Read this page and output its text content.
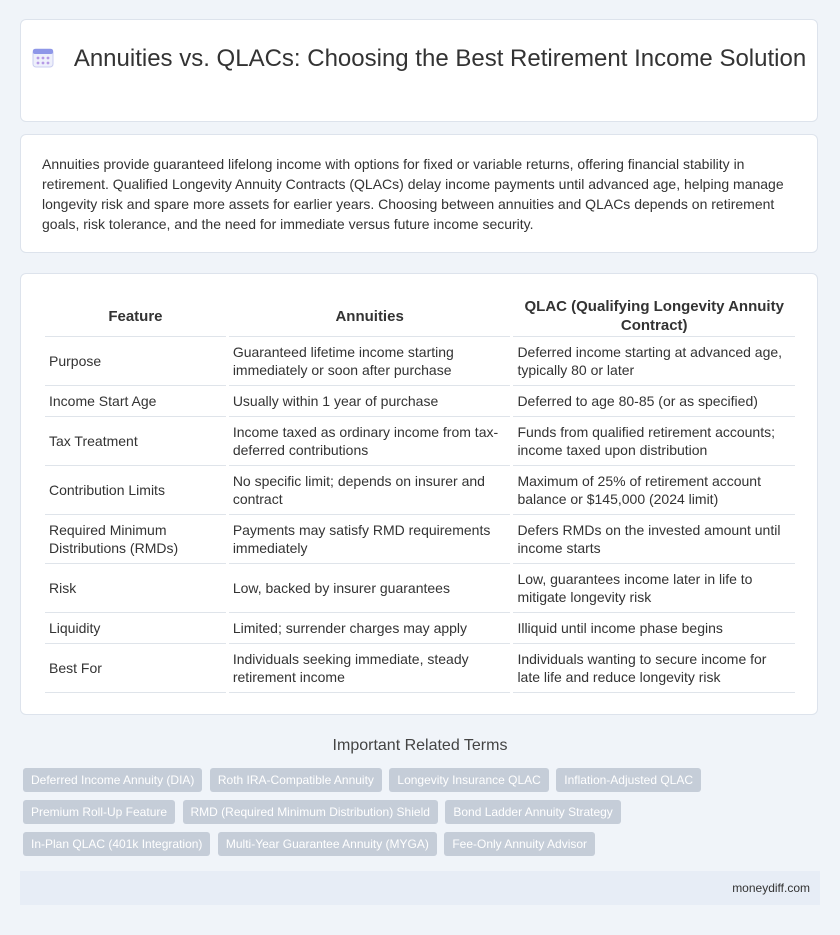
Annuities vs. QLACs: Choosing the Best Retirement Income Solution
Annuities provide guaranteed lifelong income with options for fixed or variable returns, offering financial stability in retirement. Qualified Longevity Annuity Contracts (QLACs) delay income payments until advanced age, helping manage longevity risk and spare more assets for earlier years. Choosing between annuities and QLACs depends on retirement goals, risk tolerance, and the need for immediate versus future income security.
Feature	Annuities	QLAC (Qualifying Longevity Annuity Contract)
Purpose	Guaranteed lifetime income starting immediately or soon after purchase	Deferred income starting at advanced age, typically 80 or later
Income Start Age	Usually within 1 year of purchase	Deferred to age 80-85 (or as specified)
Tax Treatment	Income taxed as ordinary income from tax-deferred contributions	Funds from qualified retirement accounts; income taxed upon distribution
Contribution Limits	No specific limit; depends on insurer and contract	Maximum of 25% of retirement account balance or $145,000 (2024 limit)
Required Minimum Distributions (RMDs)	Payments may satisfy RMD requirements immediately	Defers RMDs on the invested amount until income starts
Risk	Low, backed by insurer guarantees	Low, guarantees income later in life to mitigate longevity risk
Liquidity	Limited; surrender charges may apply	Illiquid until income phase begins
Best For	Individuals seeking immediate, steady retirement income	Individuals wanting to secure income for late life and reduce longevity risk
Important Related Terms
Deferred Income Annuity (DIA) Roth IRA-Compatible Annuity Longevity Insurance QLAC Inflation-Adjusted QLAC Premium Roll-Up Feature RMD (Required Minimum Distribution) Shield Bond Ladder Annuity Strategy In-Plan QLAC (401k Integration) Multi-Year Guarantee Annuity (MYGA) Fee-Only Annuity Advisor
moneydiff.com
